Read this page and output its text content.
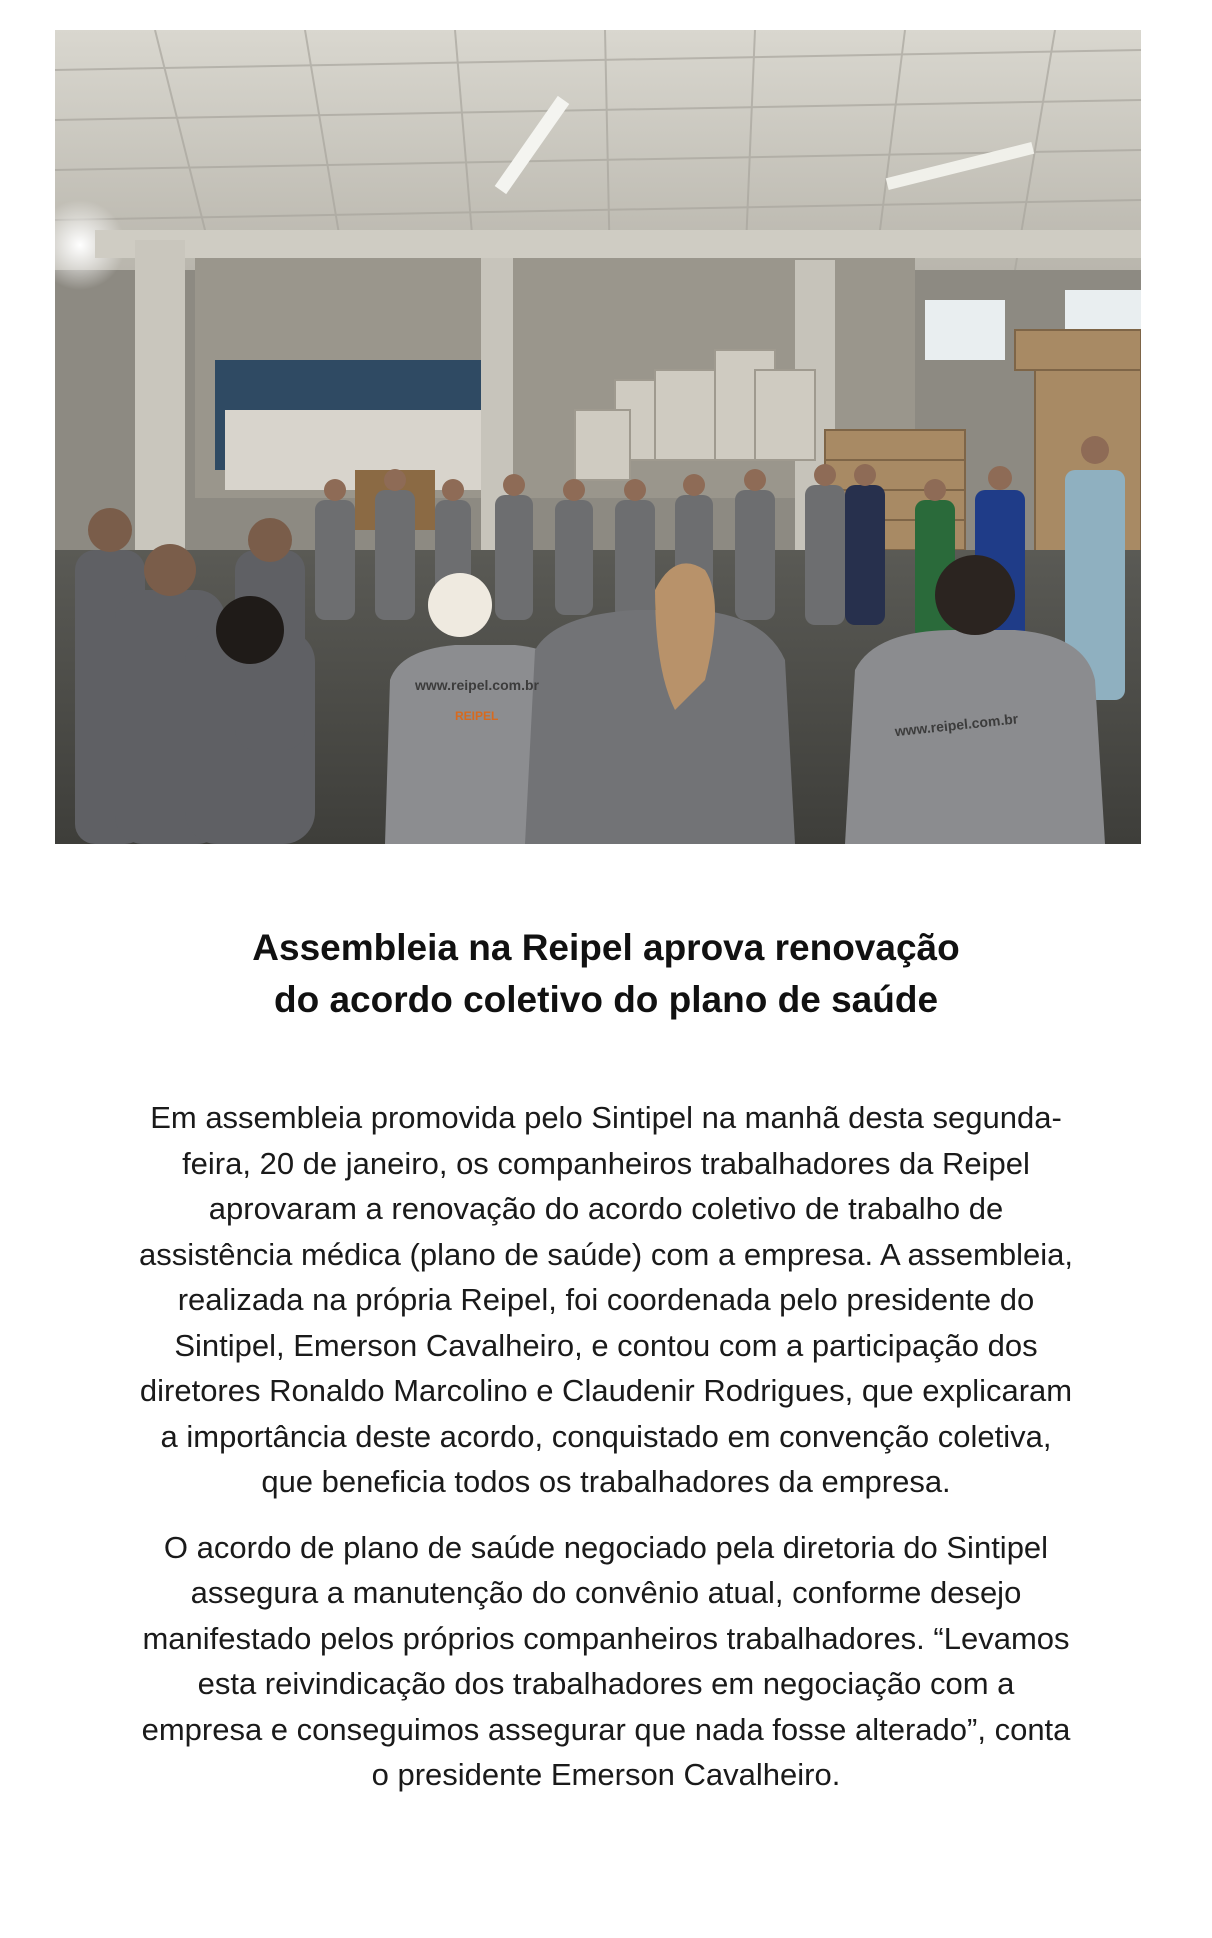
www.reipel.com.br
www.reipel.com.br
REIPEL
Assembleia na Reipel aprova renovação
do acordo coletivo do plano de saúde

Em assembleia promovida pelo Sintipel na manhã desta segunda-
feira, 20 de janeiro, os companheiros trabalhadores da Reipel
aprovaram a renovação do acordo coletivo de trabalho de
assistência médica (plano de saúde) com a empresa. A assembleia,
realizada na própria Reipel, foi coordenada pelo presidente do
Sintipel, Emerson Cavalheiro, e contou com a participação dos
diretores Ronaldo Marcolino e Claudenir Rodrigues, que explicaram
a importância deste acordo, conquistado em convenção coletiva,
que beneficia todos os trabalhadores da empresa.

O acordo de plano de saúde negociado pela diretoria do Sintipel
assegura a manutenção do convênio atual, conforme desejo
manifestado pelos próprios companheiros trabalhadores. “Levamos
esta reivindicação dos trabalhadores em negociação com a
empresa e conseguimos assegurar que nada fosse alterado”, conta
o presidente Emerson Cavalheiro.
